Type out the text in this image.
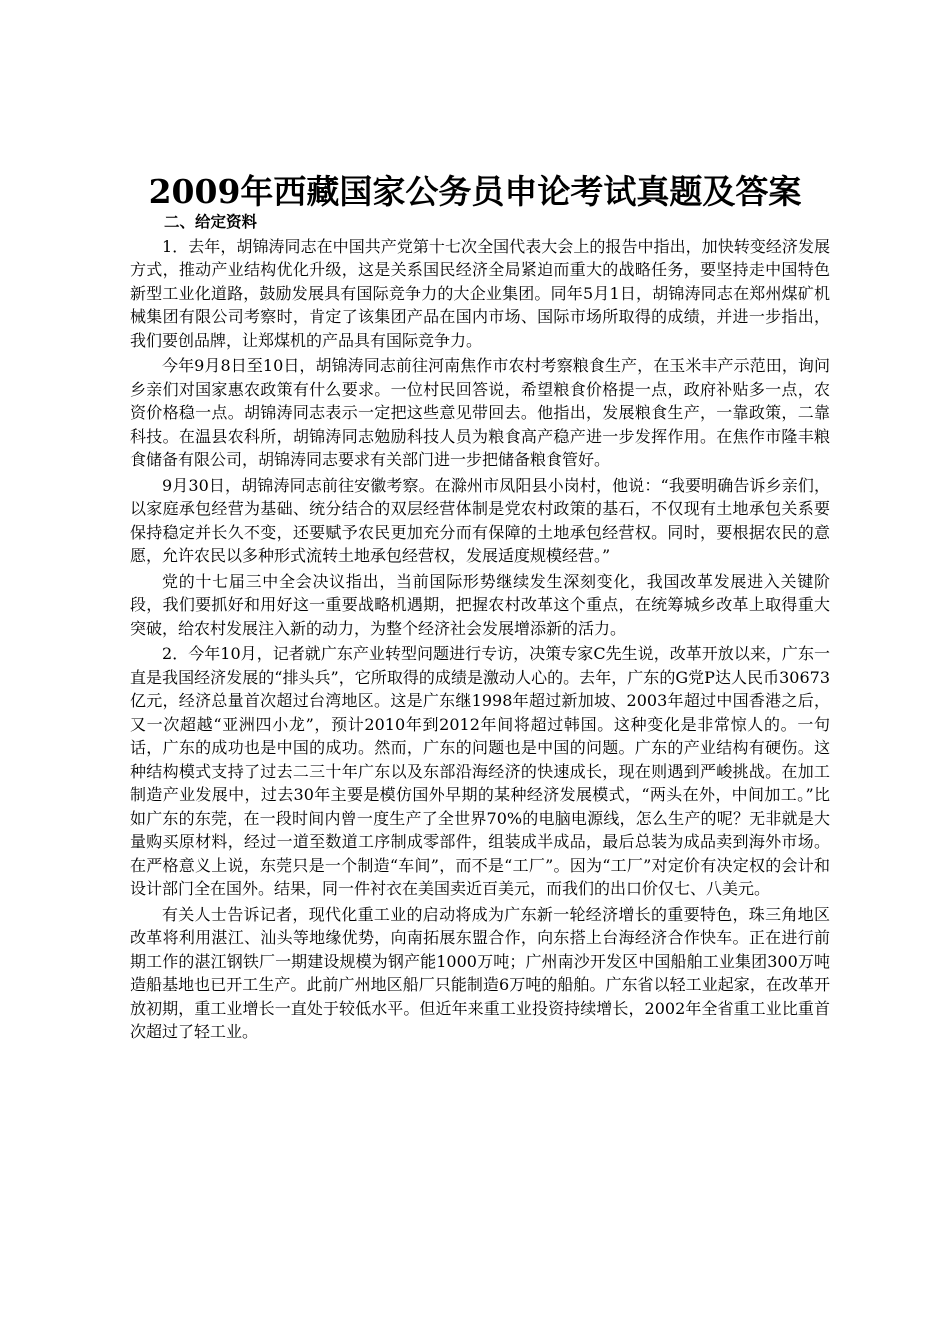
2009年西藏国家公务员申论考试真题及答案

二、给定资料

1．去年，胡锦涛同志在中国共产党第十七次全国代表大会上的报告中指出，加快转变经济发展方式，推动产业结构优化升级，这是关系国民经济全局紧迫而重大的战略任务，要坚持走中国特色新型工业化道路，鼓励发展具有国际竞争力的大企业集团。同年5月1日，胡锦涛同志在郑州煤矿机械集团有限公司考察时，肯定了该集团产品在国内市场、国际市场所取得的成绩，并进一步指出，我们要创品牌，让郑煤机的产品具有国际竞争力。

今年9月8日至10日，胡锦涛同志前往河南焦作市农村考察粮食生产，在玉米丰产示范田，询问乡亲们对国家惠农政策有什么要求。一位村民回答说，希望粮食价格提一点，政府补贴多一点，农资价格稳一点。胡锦涛同志表示一定把这些意见带回去。他指出，发展粮食生产，一靠政策，二靠科技。在温县农科所，胡锦涛同志勉励科技人员为粮食高产稳产进一步发挥作用。在焦作市隆丰粮食储备有限公司，胡锦涛同志要求有关部门进一步把储备粮食管好。

9月30日，胡锦涛同志前往安徽考察。在滁州市凤阳县小岗村，他说：“我要明确告诉乡亲们，以家庭承包经营为基础、统分结合的双层经营体制是党农村政策的基石，不仅现有土地承包关系要保持稳定并长久不变，还要赋予农民更加充分而有保障的土地承包经营权。同时，要根据农民的意愿，允许农民以多种形式流转土地承包经营权，发展适度规模经营。”

党的十七届三中全会决议指出，当前国际形势继续发生深刻变化，我国改革发展进入关键阶段，我们要抓好和用好这一重要战略机遇期，把握农村改革这个重点，在统筹城乡改革上取得重大突破，给农村发展注入新的动力，为整个经济社会发展增添新的活力。

2．今年10月，记者就广东产业转型问题进行专访，决策专家C先生说，改革开放以来，广东一直是我国经济发展的“排头兵”，它所取得的成绩是激动人心的。去年，广东的G党P达人民币30673亿元，经济总量首次超过台湾地区。这是广东继1998年超过新加坡、2003年超过中国香港之后，又一次超越“亚洲四小龙”，预计2010年到2012年间将超过韩国。这种变化是非常惊人的。一句话，广东的成功也是中国的成功。然而，广东的问题也是中国的问题。广东的产业结构有硬伤。这种结构模式支持了过去二三十年广东以及东部沿海经济的快速成长，现在则遇到严峻挑战。在加工制造产业发展中，过去30年主要是模仿国外早期的某种经济发展模式，“两头在外，中间加工。”比如广东的东莞，在一段时间内曾一度生产了全世界70%的电脑电源线，怎么生产的呢？无非就是大量购买原材料，经过一道至数道工序制成零部件，组装成半成品，最后总装为成品卖到海外市场。在严格意义上说，东莞只是一个制造“车间”，而不是“工厂”。因为“工厂”对定价有决定权的会计和设计部门全在国外。结果，同一件衬衣在美国卖近百美元，而我们的出口价仅七、八美元。

有关人士告诉记者，现代化重工业的启动将成为广东新一轮经济增长的重要特色，珠三角地区改革将利用湛江、汕头等地缘优势，向南拓展东盟合作，向东搭上台海经济合作快车。正在进行前期工作的湛江钢铁厂一期建设规模为钢产能1000万吨；广州南沙开发区中国船舶工业集团300万吨造船基地也已开工生产。此前广州地区船厂只能制造6万吨的船舶。广东省以轻工业起家，在改革开放初期，重工业增长一直处于较低水平。但近年来重工业投资持续增长，2002年全省重工业比重首次超过了轻工业。
